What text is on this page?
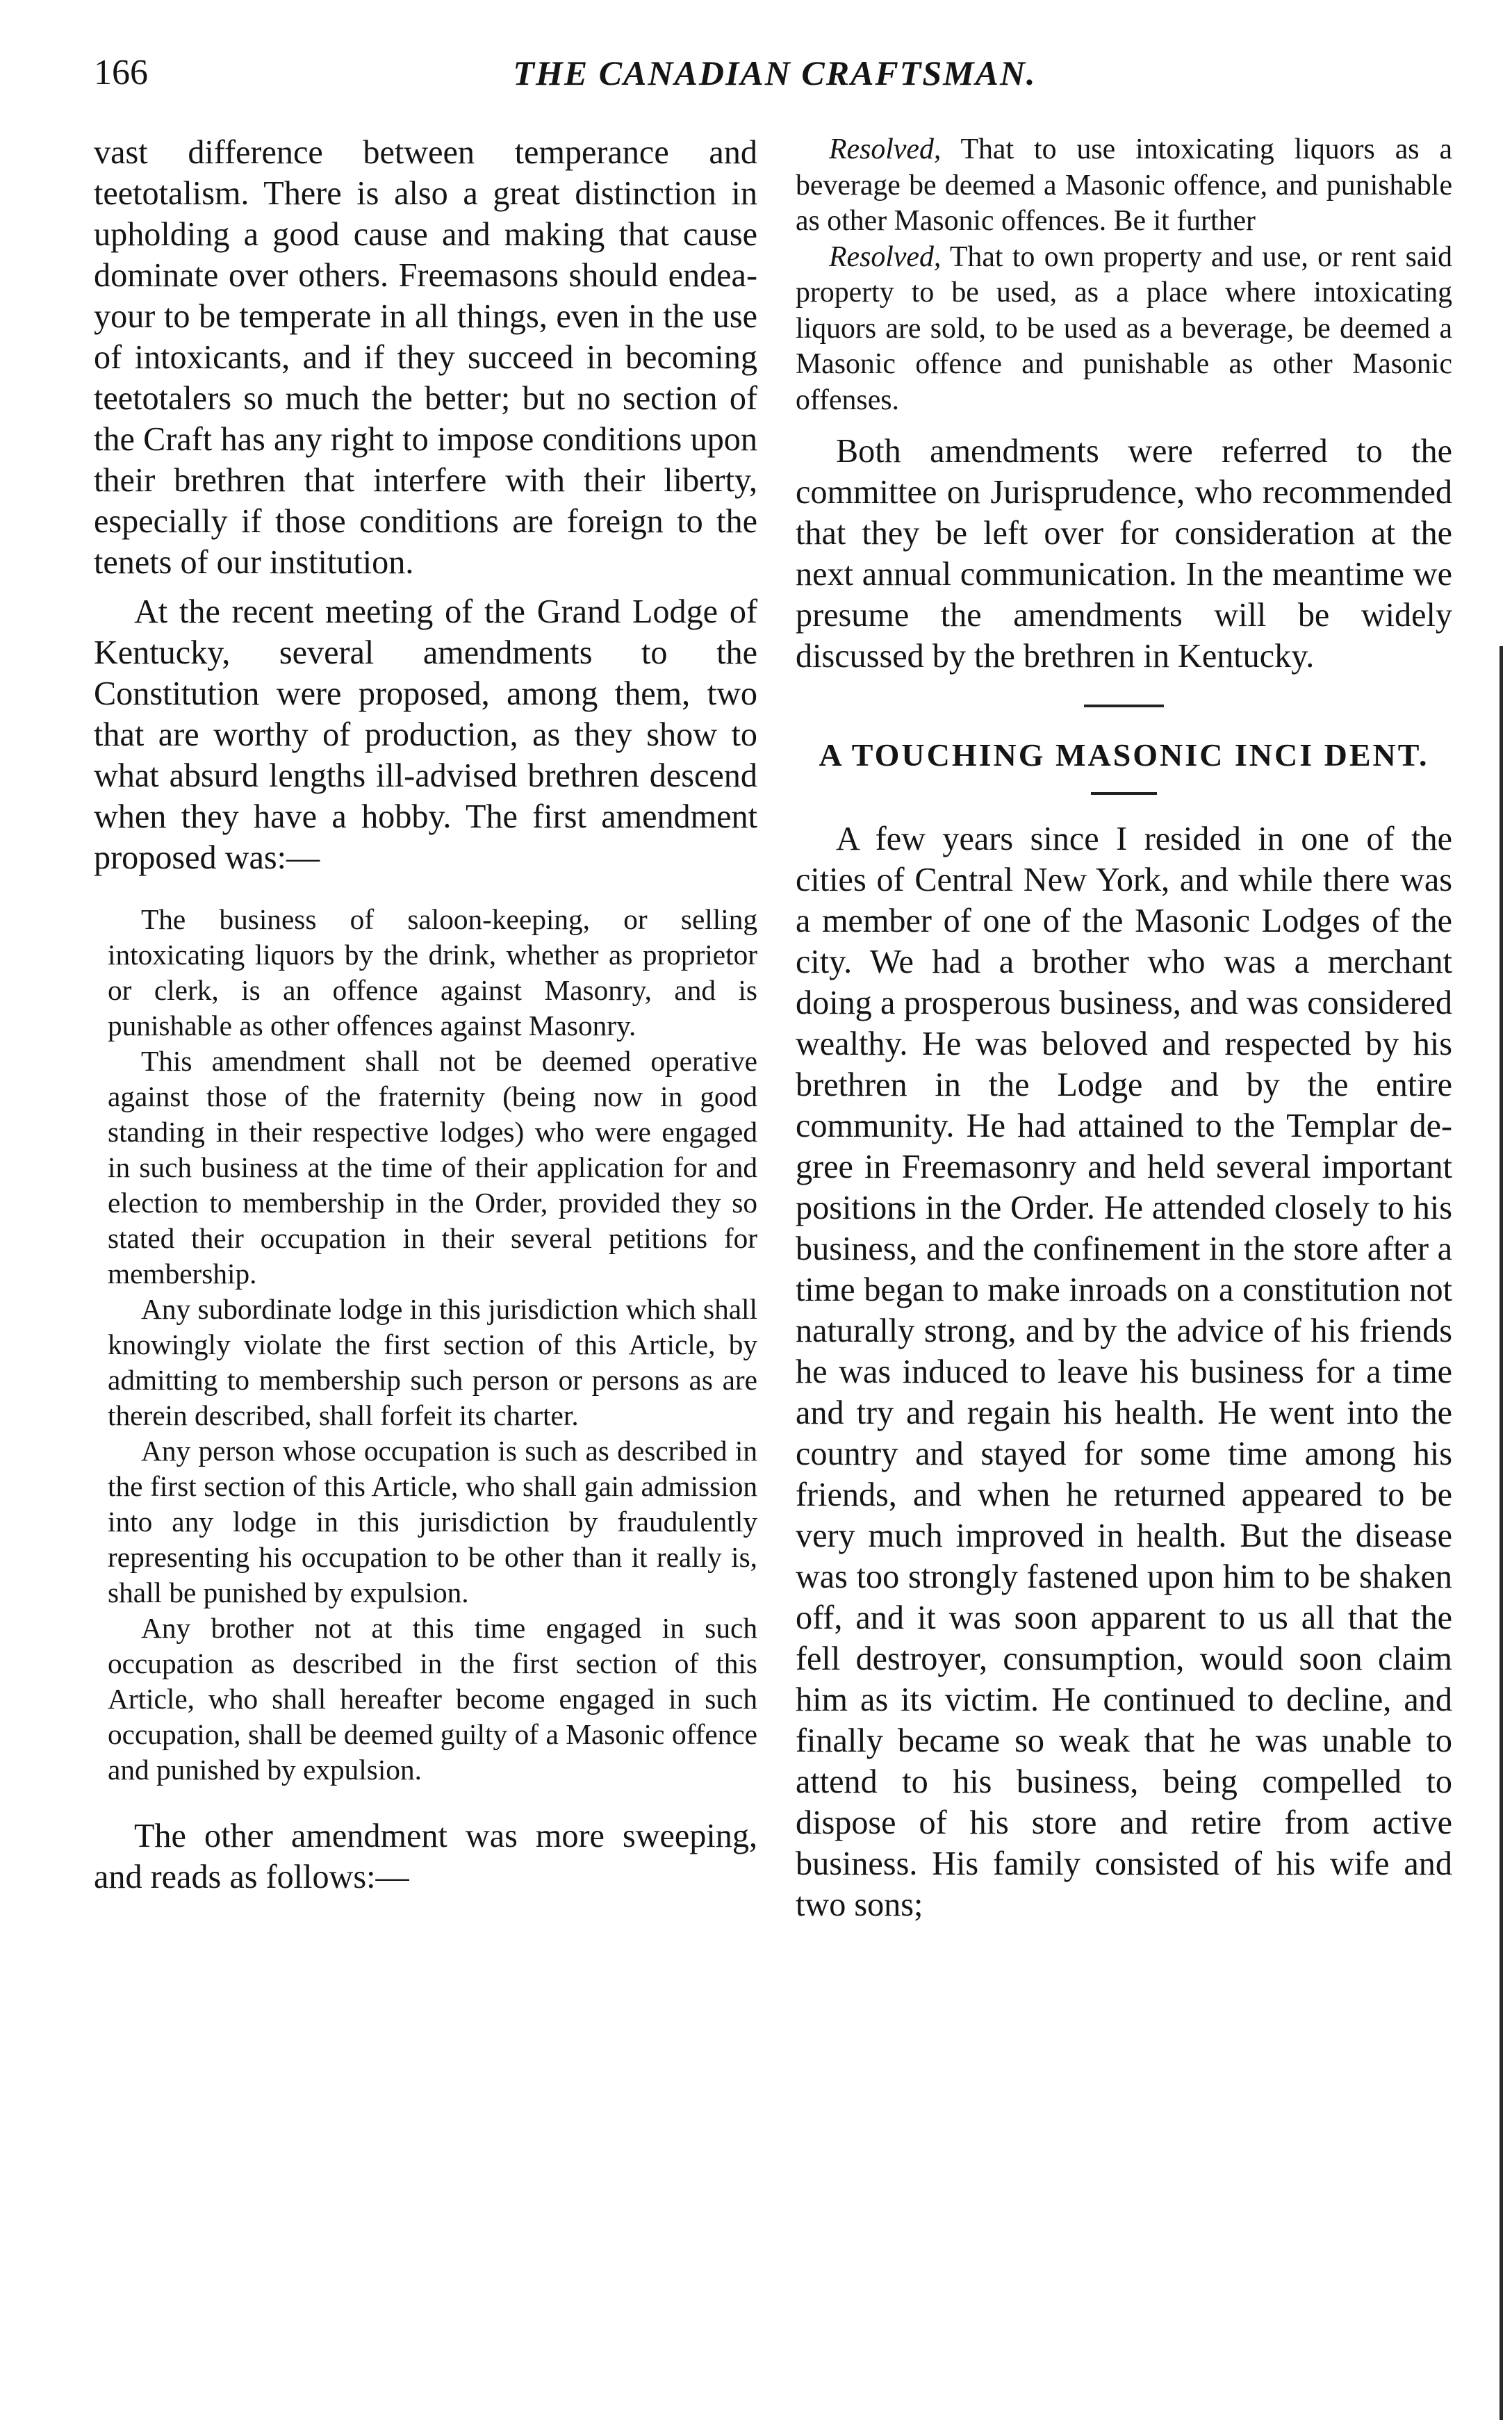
166	THE CANADIAN CRAFTSMAN.

vast difference between temperance and teetotalism. There is also a great distinction in upholding a good cause and making that cause dominate over others. Freemasons should endeayour to be temperate in all things, even in the use of intoxicants, and if they succeed in becoming teetotalers so much the better; but no section of the Craft has any right to impose conditions upon their brethren that interfere with their liberty, especially if those conditions are foreign to the tenets of our institution.

At the recent meeting of the Grand Lodge of Kentucky, several amendments to the Constitution were proposed, among them, two that are worthy of production, as they show to what absurd lengths ill-advised brethren descend when they have a hobby. The first amendment proposed was:—

The business of saloon-keeping, or selling intoxicating liquors by the drink, whether as proprietor or clerk, is an offence against Masonry, and is punishable as other offences against Masonry.

This amendment shall not be deemed operative against those of the fraternity (being now in good standing in their respective lodges) who were engaged in such business at the time of their application for and election to membership in the Order, provided they so stated their occupation in their several petitions for membership.

Any subordinate lodge in this jurisdiction which shall knowingly violate the first section of this Article, by admitting to membership such person or persons as are therein described, shall forfeit its charter.

Any person whose occupation is such as described in the first section of this Article, who shall gain admission into any lodge in this jurisdiction by fraudulently representing his occupation to be other than it really is, shall be punished by expulsion.

Any brother not at this time engaged in such occupation as described in the first section of this Article, who shall hereafter become engaged in such occupation, shall be deemed guilty of a Masonic offence and punished by expulsion.

The other amendment was more sweeping, and reads as follows:—

Resolved, That to use intoxicating liquors as a beverage be deemed a Masonic offence, and punishable as other Masonic offences. Be it further

Resolved, That to own property and use, or rent said property to be used, as a place where intoxicating liquors are sold, to be used as a beverage, be deemed a Masonic offence and punishable as other Masonic offenses.

Both amendments were referred to the committee on Jurisprudence, who recommended that they be left over for consideration at the next annual communication. In the meantime we presume the amendments will be widely discussed by the brethren in Kentucky.

A TOUCHING MASONIC INCI DENT.

A few years since I resided in one of the cities of Central New York, and while there was a member of one of the Masonic Lodges of the city. We had a brother who was a merchant doing a prosperous business, and was considered wealthy. He was beloved and respected by his brethren in the Lodge and by the entire community. He had attained to the Templar degree in Freemasonry and held several important positions in the Order. He attended closely to his business, and the confinement in the store after a time began to make inroads on a constitution not naturally strong, and by the advice of his friends he was induced to leave his business for a time and try and regain his health. He went into the country and stayed for some time among his friends, and when he returned appeared to be very much improved in health. But the disease was too strongly fastened upon him to be shaken off, and it was soon apparent to us all that the fell destroyer, consumption, would soon claim him as its victim. He continued to decline, and finally became so weak that he was unable to attend to his business, being compelled to dispose of his store and retire from active business. His family consisted of his wife and two sons;
